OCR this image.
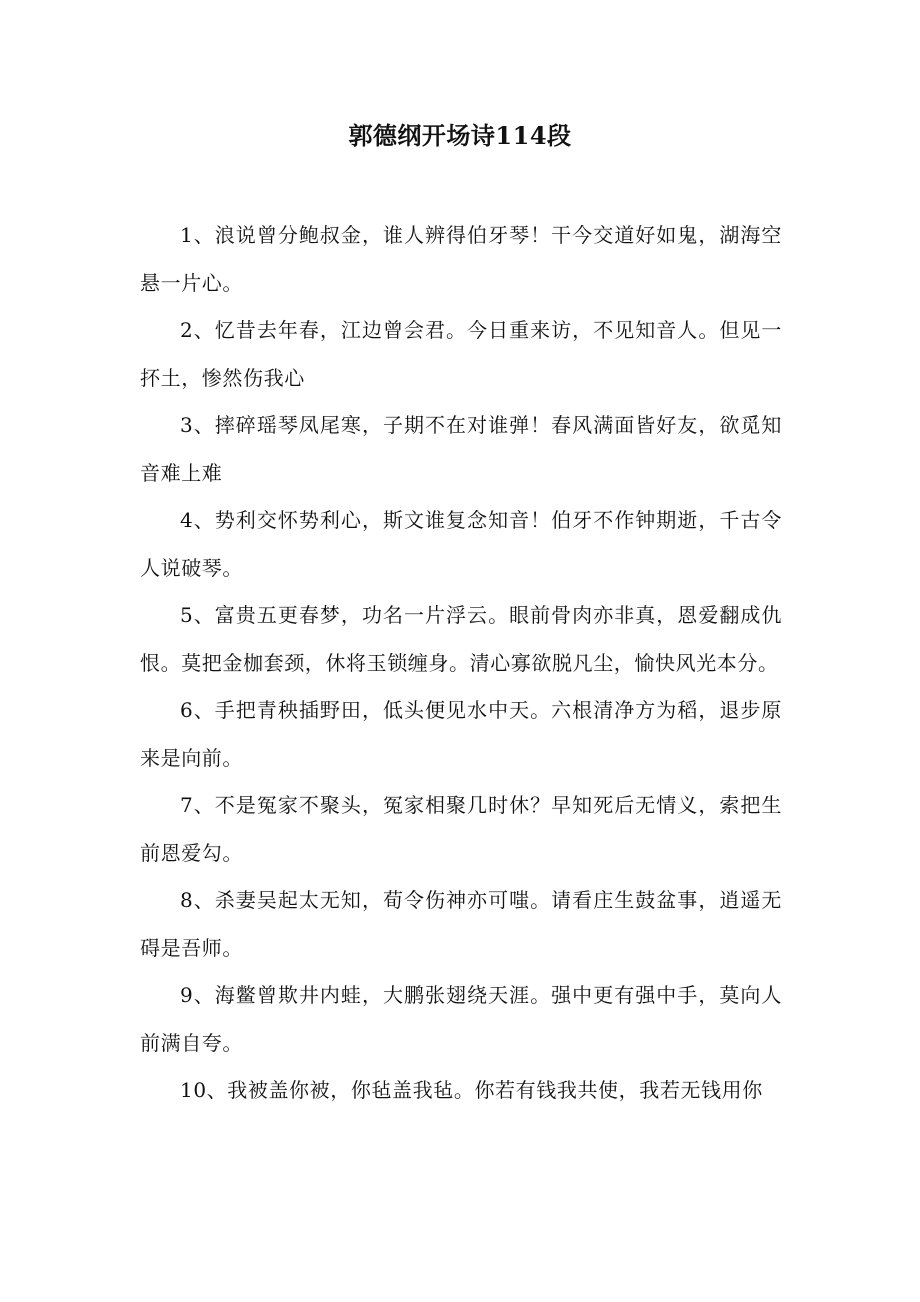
郭德纲开场诗114段

1、浪说曾分鲍叔金，谁人辨得伯牙琴！干今交道好如鬼，湖海空悬一片心。

2、忆昔去年春，江边曾会君。今日重来访，不见知音人。但见一抔土，惨然伤我心

3、摔碎瑶琴凤尾寒，子期不在对谁弹！春风满面皆好友，欲觅知音难上难

4、势利交怀势利心，斯文谁复念知音！伯牙不作钟期逝，千古令人说破琴。

5、富贵五更春梦，功名一片浮云。眼前骨肉亦非真，恩爱翻成仇恨。莫把金枷套颈，休将玉锁缠身。清心寡欲脱凡尘，愉快风光本分。

6、手把青秧插野田，低头便见水中天。六根清净方为稻，退步原来是向前。

7、不是冤家不聚头，冤家相聚几时休？早知死后无情义，索把生前恩爱勾。

8、杀妻吴起太无知，荀令伤神亦可嗤。请看庄生鼓盆事，逍遥无碍是吾师。

9、海鳖曾欺井内蛙，大鹏张翅绕天涯。强中更有强中手，莫向人前满自夸。

10、我被盖你被，你毡盖我毡。你若有钱我共使，我若无钱用你
